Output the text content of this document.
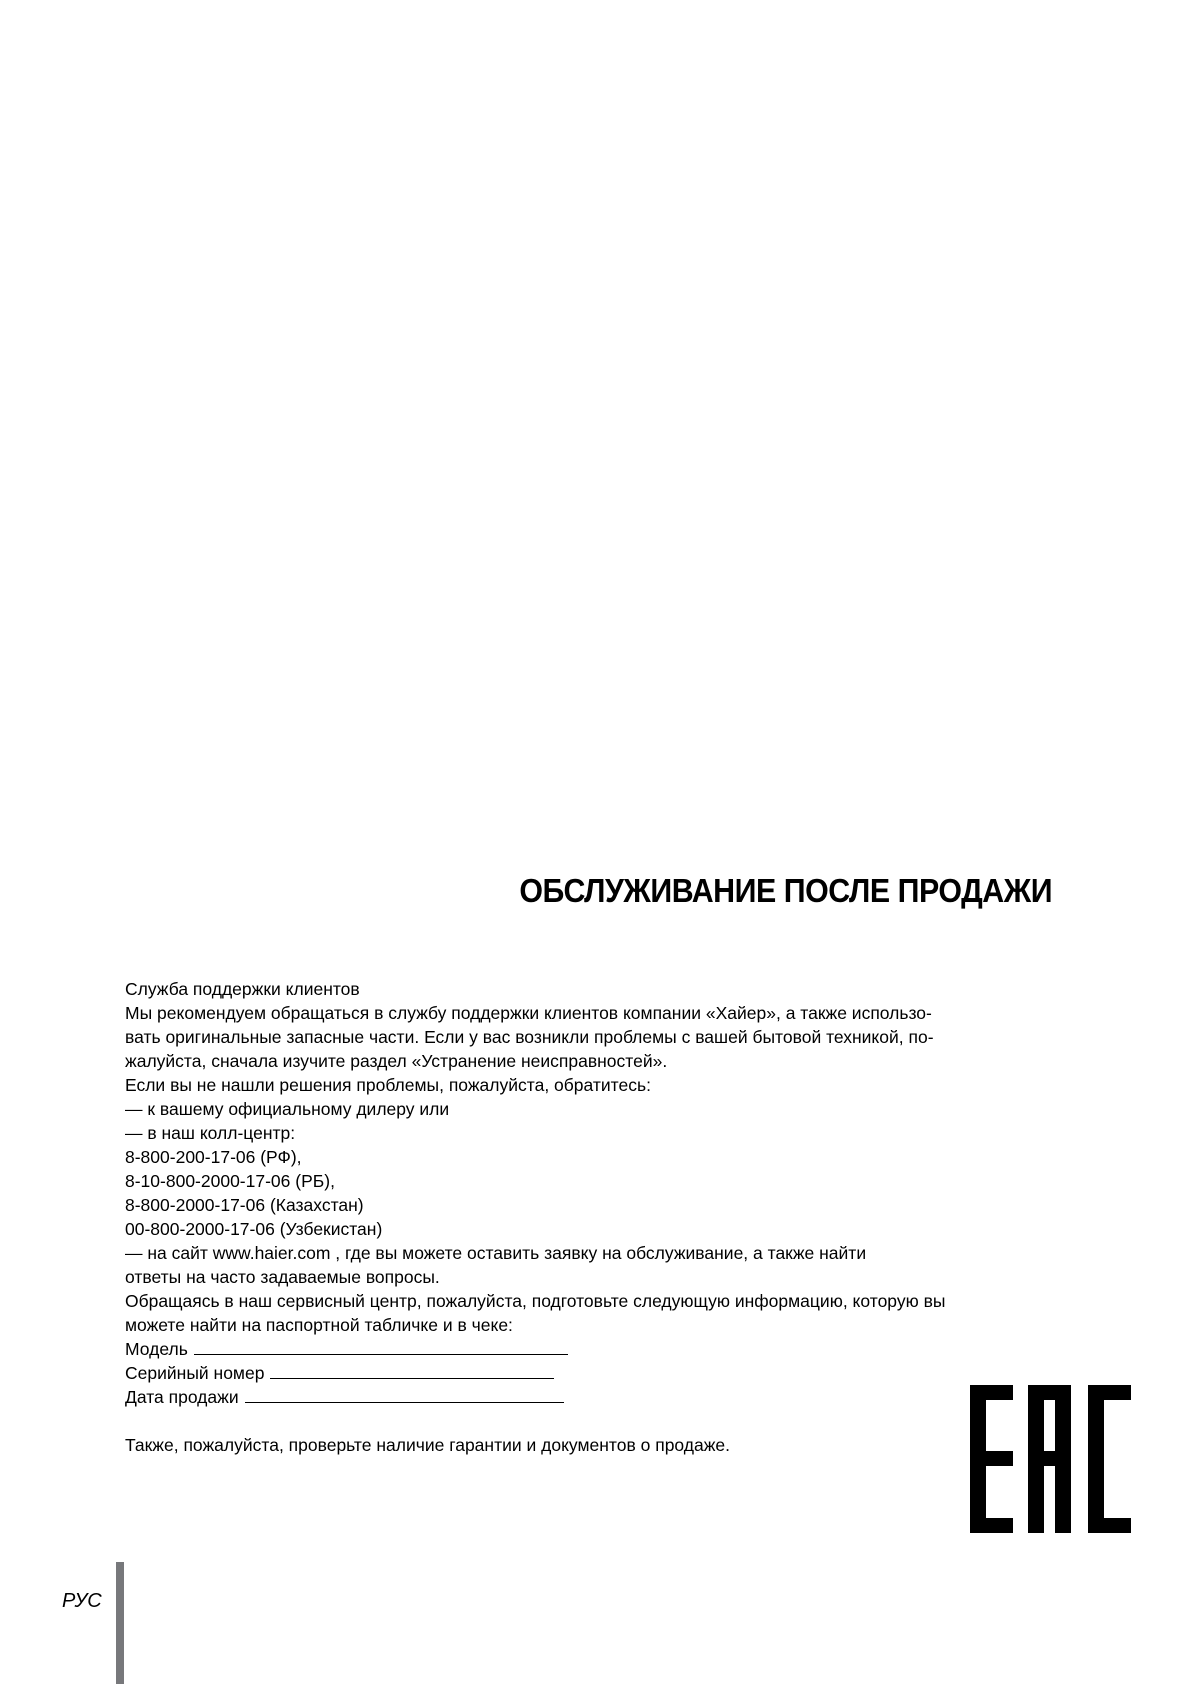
ОБСЛУЖИВАНИЕ ПОСЛЕ ПРОДАЖИ
Служба поддержки клиентов
Мы рекомендуем обращаться в службу поддержки клиентов компании «Хайер», а также использо-
вать оригинальные запасные части. Если у вас возникли проблемы с вашей бытовой техникой, по-
жалуйста, сначала изучите раздел «Устранение неисправностей».
Если вы не нашли решения проблемы, пожалуйста, обратитесь:
— к вашему официальному дилеру или
— в наш колл-центр:
8-800-200-17-06 (РФ),
8-10-800-2000-17-06 (РБ),
8-800-2000-17-06 (Казахстан)
00-800-2000-17-06 (Узбекистан)
— на сайт www.haier.com , где вы можете оставить заявку на обслуживание, а также найти
ответы на часто задаваемые вопросы.
Обращаясь в наш сервисный центр, пожалуйста, подготовьте следующую информацию, которую вы
можете найти на паспортной табличке и в чеке:
Модель
Серийный номер
Дата продажи
Также, пожалуйста, проверьте наличие гарантии и документов о продаже.
РУС
